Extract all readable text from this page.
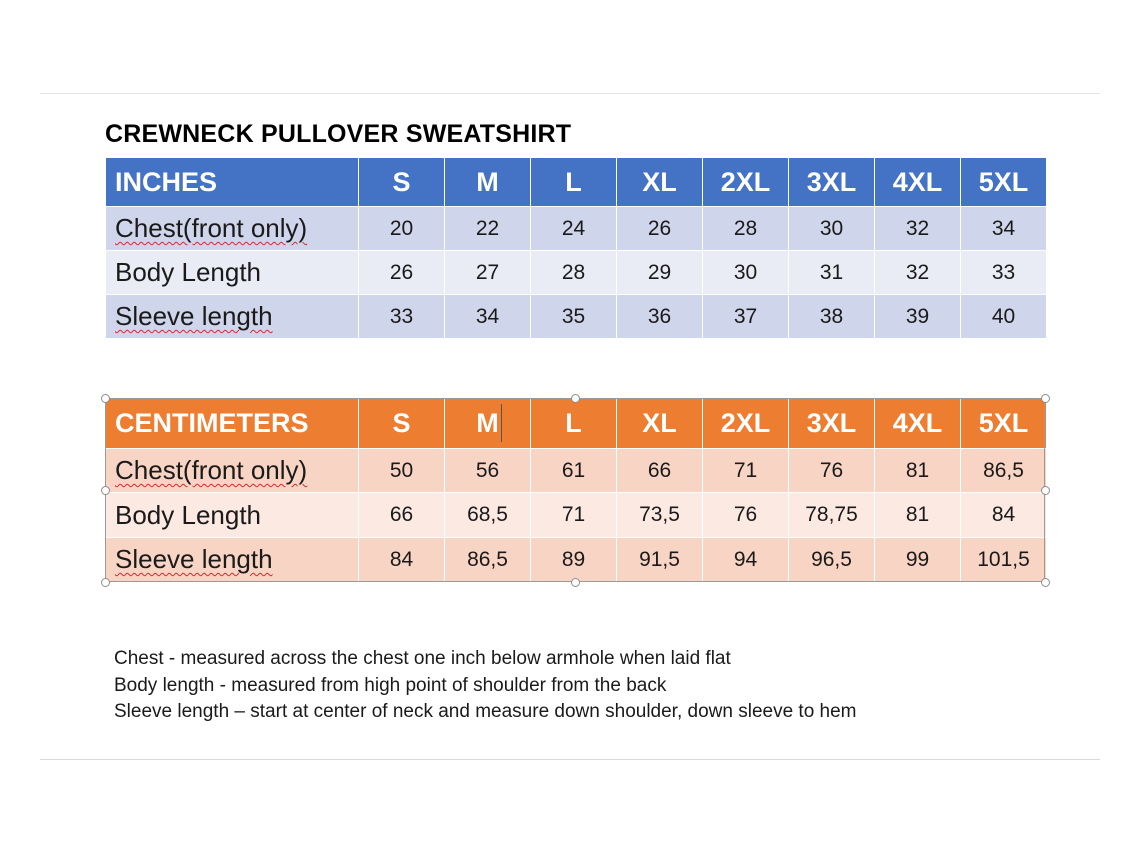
CREWNECK PULLOVER SWEATSHIRT
INCHES	S	M	L	XL	2XL	3XL	4XL	5XL
Chest(front only)	20	22	24	26	28	30	32	34
Body Length	26	27	28	29	30	31	32	33
Sleeve length	33	34	35	36	37	38	39	40
CENTIMETERS	S	M	L	XL	2XL	3XL	4XL	5XL
Chest(front only)	50	56	61	66	71	76	81	86,5
Body Length	66	68,5	71	73,5	76	78,75	81	84
Sleeve length	84	86,5	89	91,5	94	96,5	99	101,5
Chest - measured across the chest one inch below armhole when laid flat
Body length - measured from high point of shoulder from the back
Sleeve length – start at center of neck and measure down shoulder, down sleeve to hem
